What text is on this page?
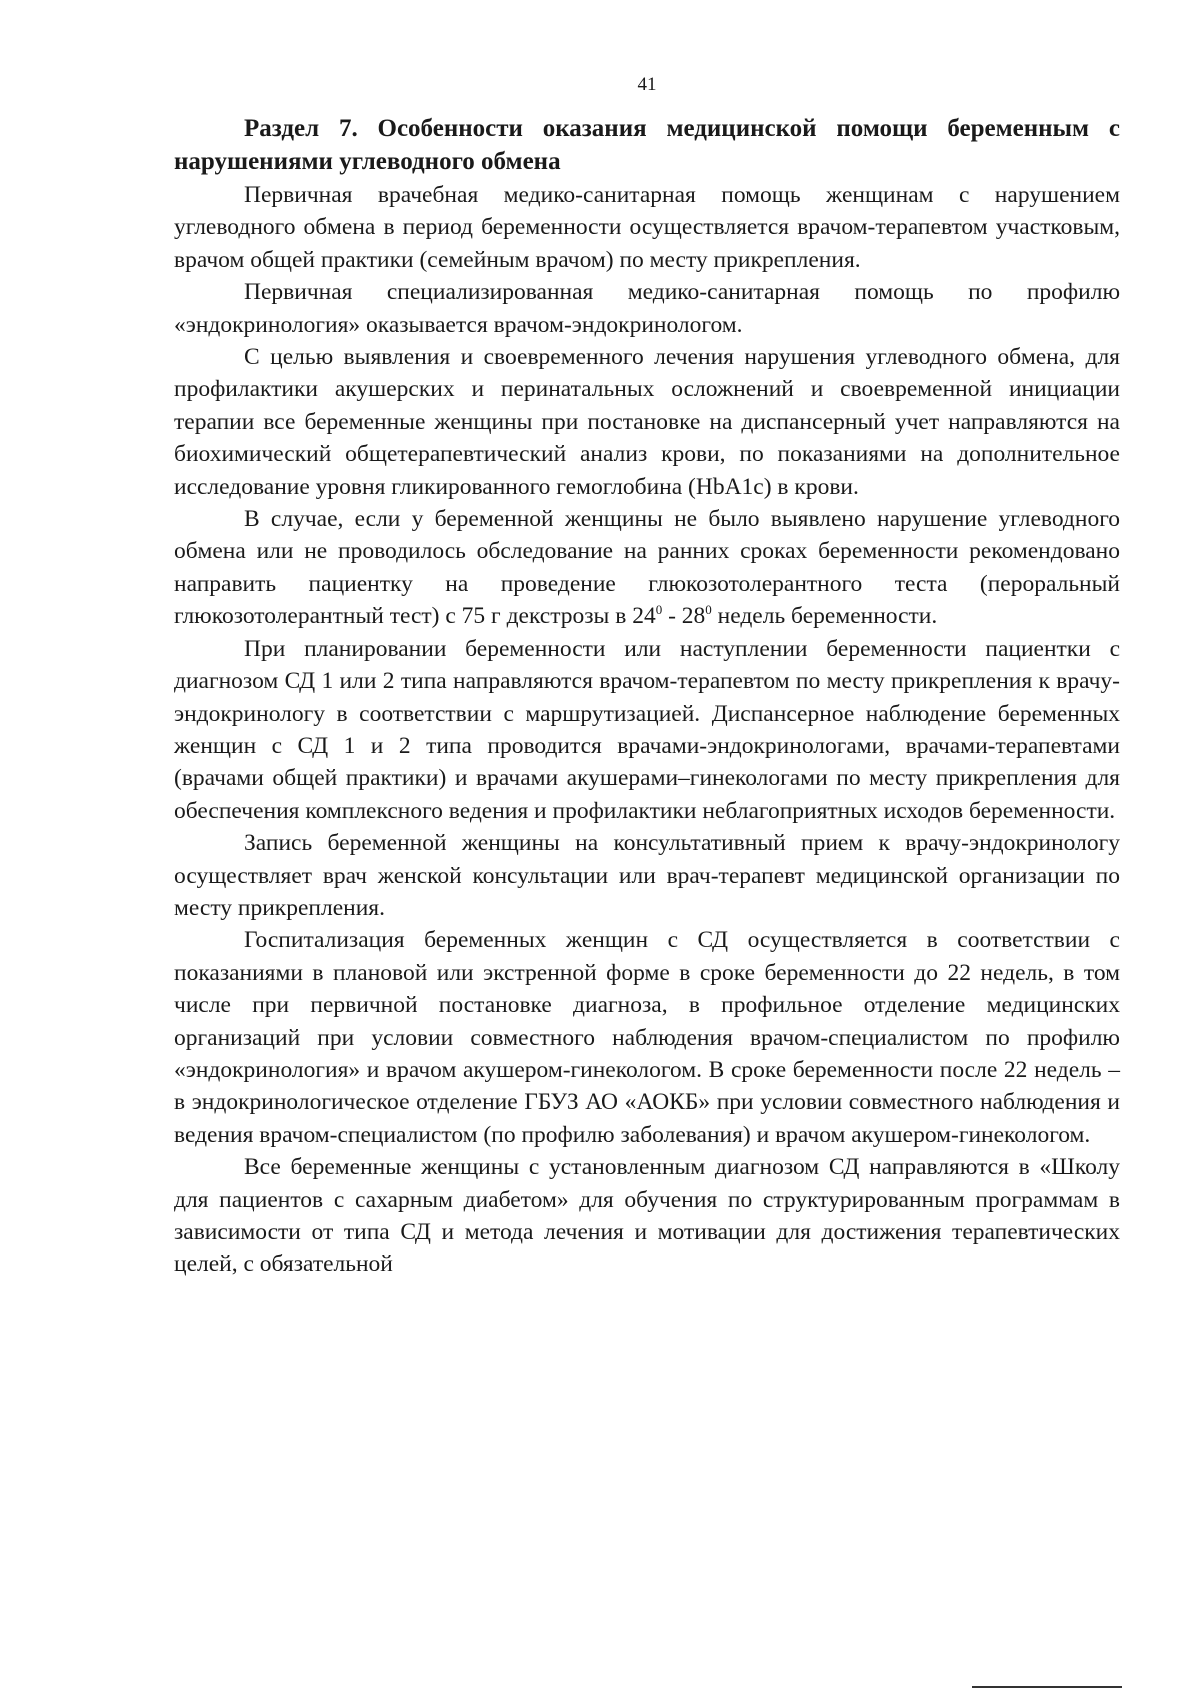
41

Раздел 7. Особенности оказания медицинской помощи беременным с нарушениями углеводного обмена

Первичная врачебная медико-санитарная помощь женщинам с нарушением углеводного обмена в период беременности осуществляется врачом-терапевтом участковым, врачом общей практики (семейным врачом) по месту прикрепления.

Первичная специализированная медико-санитарная помощь по профилю «эндокринология» оказывается врачом-эндокринологом.

С целью выявления и своевременного лечения нарушения углеводного обмена, для профилактики акушерских и перинатальных осложнений и своевременной инициации терапии все беременные женщины при постановке на диспансерный учет направляются на биохимический общетерапевтический анализ крови, по показаниями на дополнительное исследование уровня гликированного гемоглобина (HbA1c) в крови.

В случае, если у беременной женщины не было выявлено нарушение углеводного обмена или не проводилось обследование на ранних сроках беременности рекомендовано направить пациентку на проведение глюкозотолерантного теста (пероральный глюкозотолерантный тест) с 75 г декстрозы в $24^0 - 28^0$ недель беременности.

При планировании беременности или наступлении беременности пациентки с диагнозом СД 1 или 2 типа направляются врачом-терапевтом по месту прикрепления к врачу-эндокринологу в соответствии с маршрутизацией. Диспансерное наблюдение беременных женщин с СД 1 и 2 типа проводится врачами-эндокринологами, врачами-терапевтами (врачами общей практики) и врачами акушерами–гинекологами по месту прикрепления для обеспечения комплексного ведения и профилактики неблагоприятных исходов беременности.

Запись беременной женщины на консультативный прием к врачу-эндокринологу осуществляет врач женской консультации или врач-терапевт медицинской организации по месту прикрепления.

Госпитализация беременных женщин с СД осуществляется в соответствии с показаниями в плановой или экстренной форме в сроке беременности до 22 недель, в том числе при первичной постановке диагноза, в профильное отделение медицинских организаций при условии совместного наблюдения врачом-специалистом по профилю «эндокринология» и врачом акушером-гинекологом. В сроке беременности после 22 недель – в эндокринологическое отделение ГБУЗ АО «АОКБ» при условии совместного наблюдения и ведения врачом-специалистом (по профилю заболевания) и врачом акушером-гинекологом.

Все беременные женщины с установленным диагнозом СД направляются в «Школу для пациентов с сахарным диабетом» для обучения по структурированным программам в зависимости от типа СД и метода лечения и мотивации для достижения терапевтических целей, с обязательной
